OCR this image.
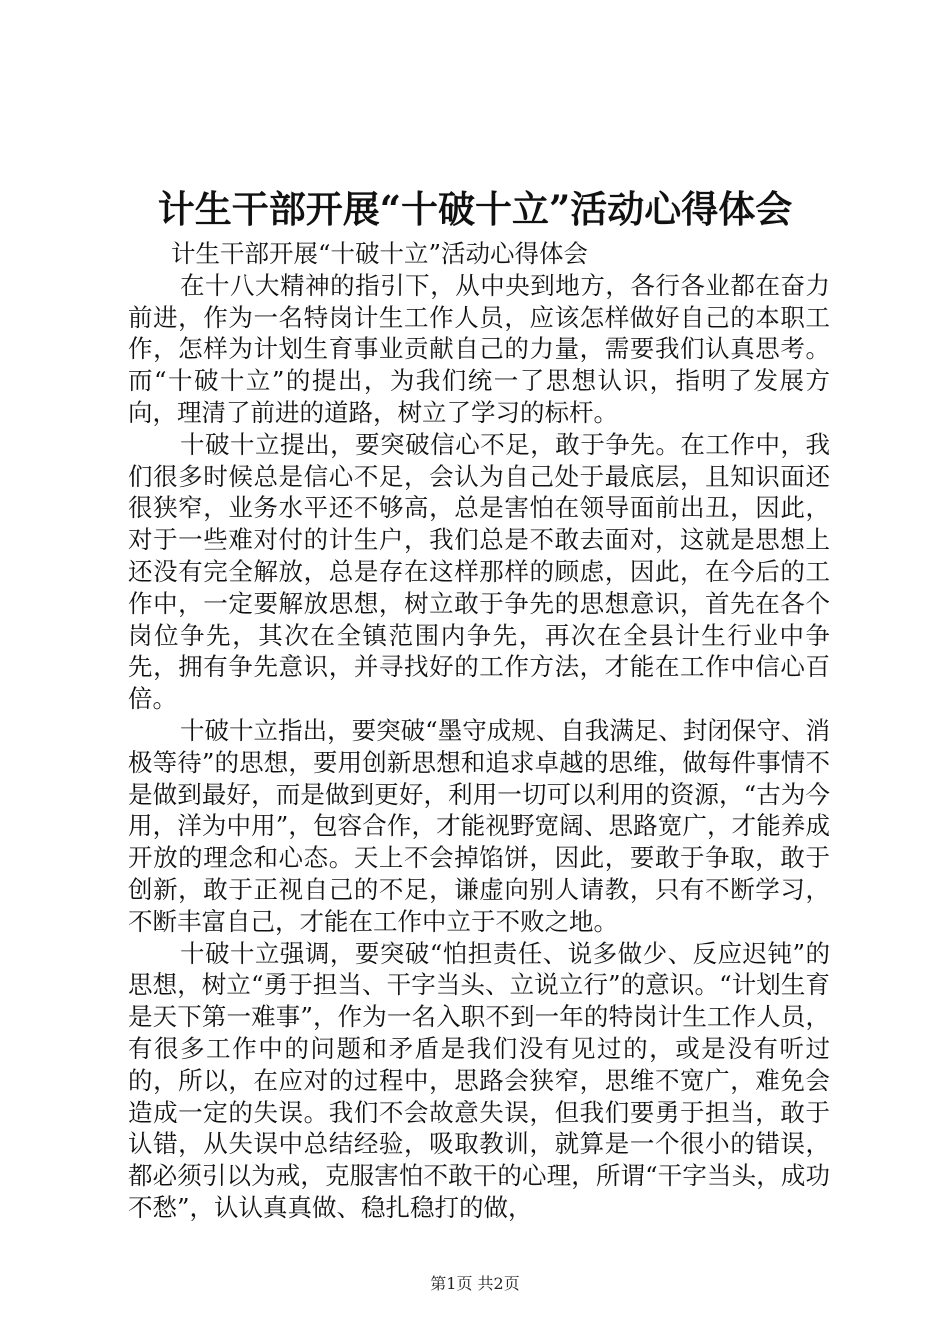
计生干部开展“十破十立”活动心得体会

计生干部开展“十破十立”活动心得体会

在十八大精神的指引下，从中央到地方，各行各业都在奋力前进，作为一名特岗计生工作人员，应该怎样做好自己的本职工作，怎样为计划生育事业贡献自己的力量，需要我们认真思考。而“十破十立”的提出，为我们统一了思想认识，指明了发展方向，理清了前进的道路，树立了学习的标杆。

十破十立提出，要突破信心不足，敢于争先。在工作中，我们很多时候总是信心不足，会认为自己处于最底层，且知识面还很狭窄，业务水平还不够高，总是害怕在领导面前出丑，因此，对于一些难对付的计生户，我们总是不敢去面对，这就是思想上还没有完全解放，总是存在这样那样的顾虑，因此，在今后的工作中，一定要解放思想，树立敢于争先的思想意识，首先在各个岗位争先，其次在全镇范围内争先，再次在全县计生行业中争先，拥有争先意识，并寻找好的工作方法，才能在工作中信心百倍。

十破十立指出，要突破“墨守成规、自我满足、封闭保守、消极等待”的思想，要用创新思想和追求卓越的思维，做每件事情不是做到最好，而是做到更好，利用一切可以利用的资源，“古为今用，洋为中用”，包容合作，才能视野宽阔、思路宽广，才能养成开放的理念和心态。天上不会掉馅饼，因此，要敢于争取，敢于创新，敢于正视自己的不足，谦虚向别人请教，只有不断学习，不断丰富自己，才能在工作中立于不败之地。

十破十立强调，要突破“怕担责任、说多做少、反应迟钝”的思想，树立“勇于担当、干字当头、立说立行”的意识。“计划生育是天下第一难事”，作为一名入职不到一年的特岗计生工作人员，有很多工作中的问题和矛盾是我们没有见过的，或是没有听过的，所以，在应对的过程中，思路会狭窄，思维不宽广，难免会造成一定的失误。我们不会故意失误，但我们要勇于担当，敢于认错，从失误中总结经验，吸取教训，就算是一个很小的错误，都必须引以为戒，克服害怕不敢干的心理，所谓“干字当头，成功不愁”，认认真真做、稳扎稳打的做，

第1页 共2页
